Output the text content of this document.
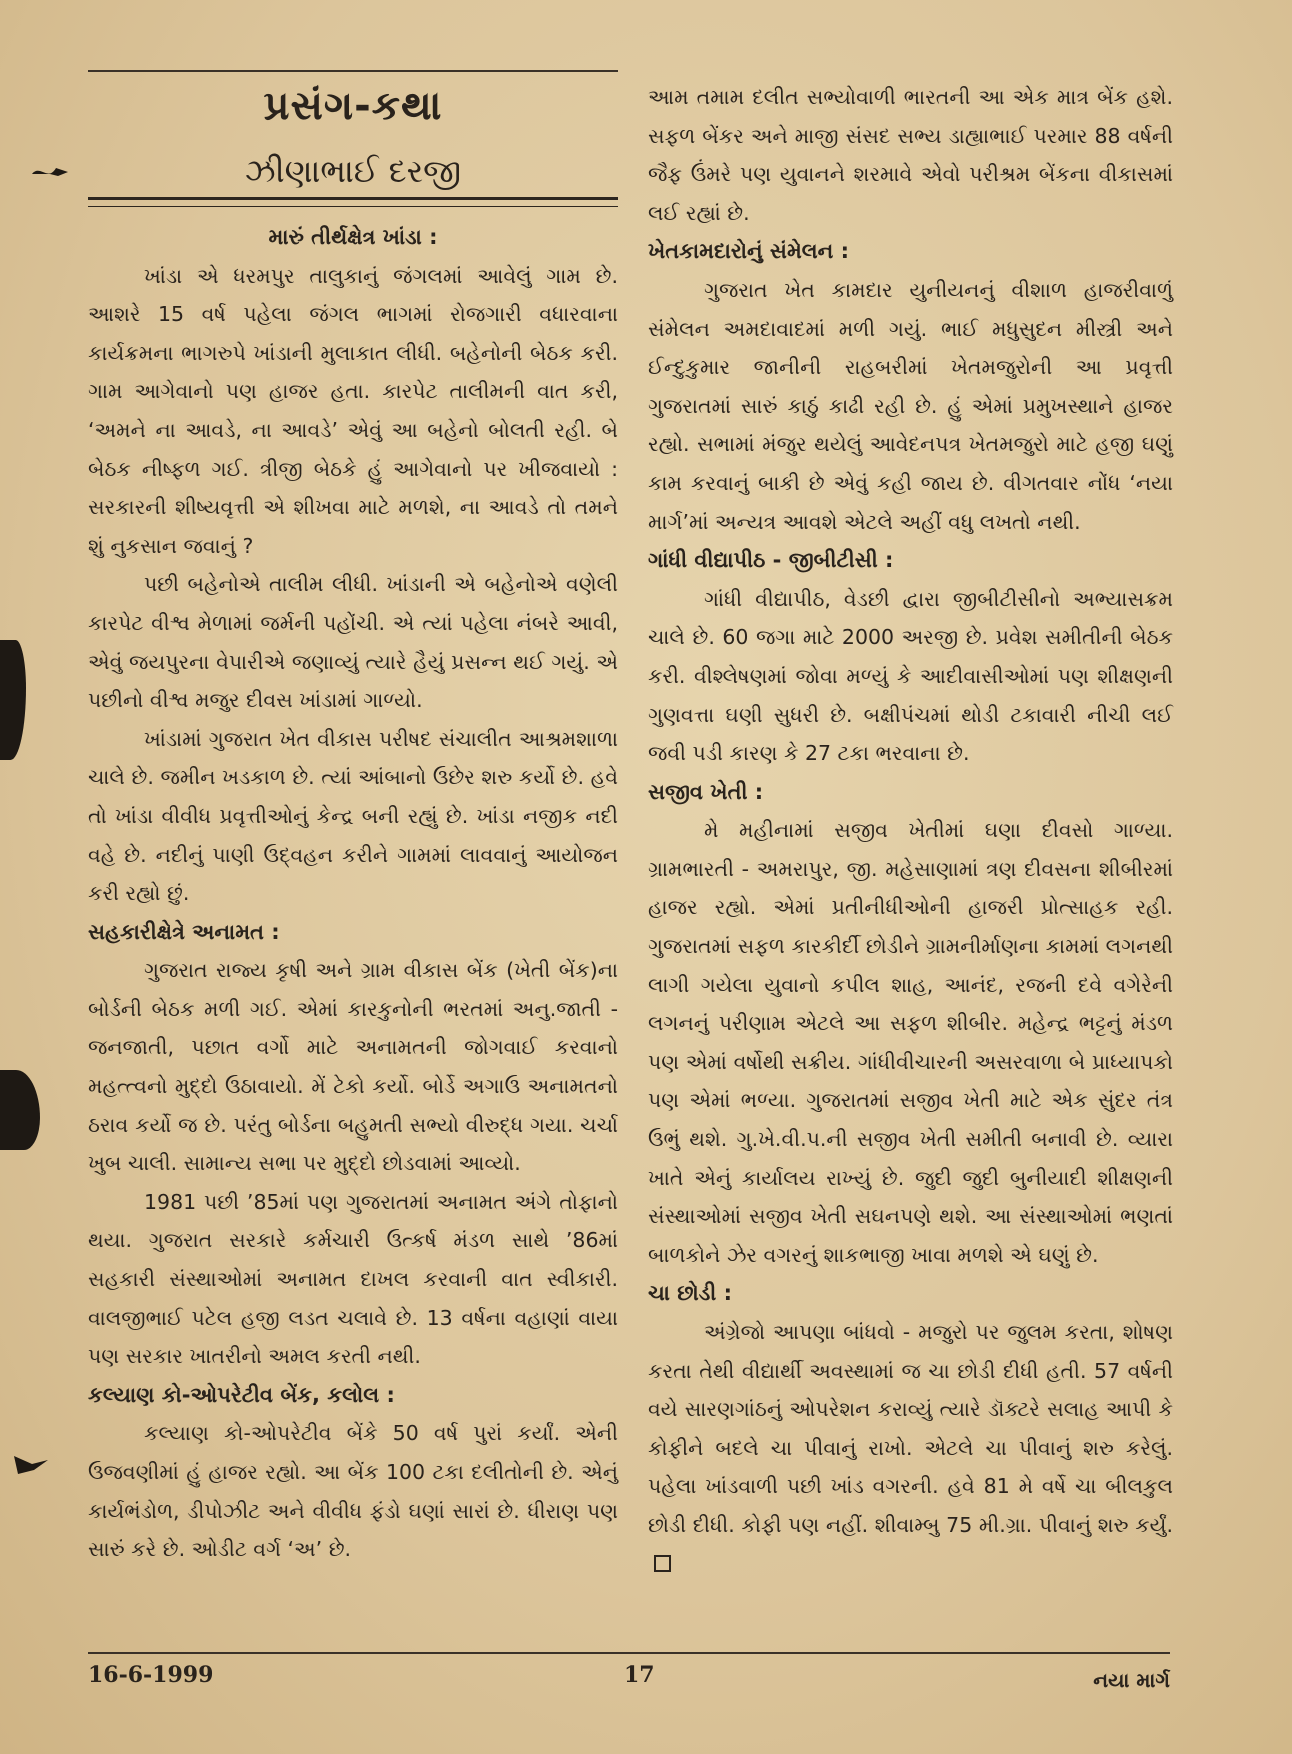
પ્રસંગ-કથા
ઝીણાભાઈ દરજી
મારું તીર્થક્ષેત્ર ખાંડા :

ખાંડા એ ધરમપુર તાલુકાનું જંગલમાં આવેલું ગામ છે. આશરે 15 વર્ષ પહેલા જંગલ ભાગમાં રોજગારી વધારવાના કાર્યક્રમના ભાગરુપે ખાંડાની મુલાકાત લીધી. બહેનોની બેઠક કરી. ગામ આગેવાનો પણ હાજર હતા. કારપેટ તાલીમની વાત કરી, ‘અમને ના આવડે, ના આવડે’ એવું આ બહેનો બોલતી રહી. બે બેઠક નીષ્ફળ ગઈ. ત્રીજી બેઠકે હું આગેવાનો પર ખીજવાયો : સરકારની શીષ્યવૃત્તી એ શીખવા માટે મળશે, ના આવડે તો તમને શું નુકસાન જવાનું ?

પછી બહેનોએ તાલીમ લીધી. ખાંડાની એ બહેનોએ વણેલી કારપેટ વીશ્વ મેળામાં જર્મની પહોંચી. એ ત્યાં પહેલા નંબરે આવી, એવું જયપુરના વેપારીએ જણાવ્યું ત્યારે હૈયું પ્રસન્ન થઈ ગયું. એ પછીનો વીશ્વ મજુર દીવસ ખાંડામાં ગાળ્યો.

ખાંડામાં ગુજરાત ખેત વીકાસ પરીષદ સંચાલીત આશ્રમશાળા ચાલે છે. જમીન ખડકાળ છે. ત્યાં આંબાનો ઉછેર શરુ કર્યો છે. હવે તો ખાંડા વીવીધ પ્રવૃત્તીઓનું કેન્દ્ર બની રહ્યું છે. ખાંડા નજીક નદી વહે છે. નદીનું પાણી ઉદ્‌વહન કરીને ગામમાં લાવવાનું આયોજન કરી રહ્યો છું.

સહકારીક્ષેત્રે અનામત :

ગુજરાત રાજ્ય કૃષી અને ગ્રામ વીકાસ બેંક (ખેતી બેંક)ના બોર્ડની બેઠક મળી ગઈ. એમાં કારકુનોની ભરતમાં અનુ.જાતી - જનજાતી, પછાત વર્ગો માટે અનામતની જોગવાઈ કરવાનો મહત્ત્વનો મુદ્દો ઉઠાવાયો. મેં ટેકો કર્યો. બોર્ડે અગાઉ અનામતનો ઠરાવ કર્યો જ છે. પરંતુ બોર્ડના બહુમતી સભ્યો વીરુદ્ધ ગયા. ચર્ચા ખુબ ચાલી. સામાન્ય સભા પર મુદ્દો છોડવામાં આવ્યો.

1981 પછી ’85માં પણ ગુજરાતમાં અનામત અંગે તોફાનો થયા. ગુજરાત સરકારે કર્મચારી ઉત્કર્ષ મંડળ સાથે ’86માં સહકારી સંસ્થાઓમાં અનામત દાખલ કરવાની વાત સ્વીકારી. વાલજીભાઈ પટેલ હજી લડત ચલાવે છે. 13 વર્ષના વહાણાં વાયા પણ સરકાર ખાતરીનો અમલ કરતી નથી.

કલ્યાણ કો-ઓપરેટીવ બેંક, કલોલ :

કલ્યાણ કો-ઓપરેટીવ બેંકે 50 વર્ષ પુરાં કર્યાં. એની ઉજવણીમાં હું હાજર રહ્યો. આ બેંક 100 ટકા દલીતોની છે. એનું કાર્યભંડોળ, ડીપોઝીટ અને વીવીધ ફંડો ઘણાં સારાં છે. ધીરાણ પણ સારું કરે છે. ઓડીટ વર્ગ ‘અ’ છે.

આમ તમામ દલીત સભ્યોવાળી ભારતની આ એક માત્ર બેંક હશે. સફળ બેંકર અને માજી સંસદ સભ્ય ડાહ્યાભાઈ પરમાર 88 વર્ષની જૈફ ઉંમરે પણ યુવાનને શરમાવે એવો પરીશ્રમ બેંકના વીકાસમાં લઈ રહ્યાં છે.

ખેતકામદારોનું સંમેલન :

ગુજરાત ખેત કામદાર યુનીયનનું વીશાળ હાજરીવાળું સંમેલન અમદાવાદમાં મળી ગયું. ભાઈ મધુસુદન મીસ્ત્રી અને ઈન્દુકુમાર જાનીની રાહબરીમાં ખેતમજુરોની આ પ્રવૃત્તી ગુજરાતમાં સારું કાઠું કાઢી રહી છે. હું એમાં પ્રમુખસ્થાને હાજર રહ્યો. સભામાં મંજુર થયેલું આવેદનપત્ર ખેતમજુરો માટે હજી ઘણું કામ કરવાનું બાકી છે એવું કહી જાય છે. વીગતવાર નોંધ ‘નયા માર્ગ’માં અન્યત્ર આવશે એટલે અહીં વધુ લખતો નથી.

ગાંધી વીદ્યાપીઠ - જીબીટીસી :

ગાંધી વીદ્યાપીઠ, વેડછી દ્વારા જીબીટીસીનો અભ્યાસક્રમ ચાલે છે. 60 જગા માટે 2000 અરજી છે. પ્રવેશ સમીતીની બેઠક કરી. વીશ્લેષણમાં જોવા મળ્યું કે આદીવાસીઓમાં પણ શીક્ષણની ગુણવત્તા ઘણી સુધરી છે. બક્ષીપંચમાં થોડી ટકાવારી નીચી લઈ જવી પડી કારણ કે 27 ટકા ભરવાના છે.

સજીવ ખેતી :

મે મહીનામાં સજીવ ખેતીમાં ઘણા દીવસો ગાળ્યા. ગ્રામભારતી - અમરાપુર, જી. મહેસાણામાં ત્રણ દીવસના શીબીરમાં હાજર રહ્યો. એમાં પ્રતીનીધીઓની હાજરી પ્રોત્સાહક રહી. ગુજરાતમાં સફળ કારકીર્દી છોડીને ગ્રામનીર્માણના કામમાં લગનથી લાગી ગયેલા યુવાનો કપીલ શાહ, આનંદ, રજની દવે વગેરેની લગનનું પરીણામ એટલે આ સફળ શીબીર. મહેન્દ્ર ભટ્ટનું મંડળ પણ એમાં વર્ષોથી સક્રીય. ગાંધીવીચારની અસરવાળા બે પ્રાધ્યાપકો પણ એમાં ભળ્યા. ગુજરાતમાં સજીવ ખેતી માટે એક સુંદર તંત્ર ઉભું થશે. ગુ.ખે.વી.પ.ની સજીવ ખેતી સમીતી બનાવી છે. વ્યારા ખાતે એનું કાર્યાલય રાખ્યું છે. જુદી જુદી બુનીયાદી શીક્ષણની સંસ્થાઓમાં સજીવ ખેતી સઘનપણે થશે. આ સંસ્થાઓમાં ભણતાં બાળકોને ઝેર વગરનું શાકભાજી ખાવા મળશે એ ઘણું છે.

ચા છોડી :

અંગ્રેજો આપણા બાંધવો - મજુરો પર જુલમ કરતા, શોષણ કરતા તેથી વીદ્યાર્થી અવસ્થામાં જ ચા છોડી દીધી હતી. 57 વર્ષની વયે સારણગાંઠનું ઓપરેશન કરાવ્યું ત્યારે ડૉક્ટરે સલાહ આપી કે કોફીને બદલે ચા પીવાનું રાખો. એટલે ચા પીવાનું શરુ કરેલું. પહેલા ખાંડવાળી પછી ખાંડ વગરની. હવે 81 મે વર્ષે ચા બીલકુલ છોડી દીધી. કોફી પણ નહીં. શીવામ્બુ 75 મી.ગ્રા. પીવાનું શરુ કર્યું.

16-6-1999	17	નયા માર્ગ
